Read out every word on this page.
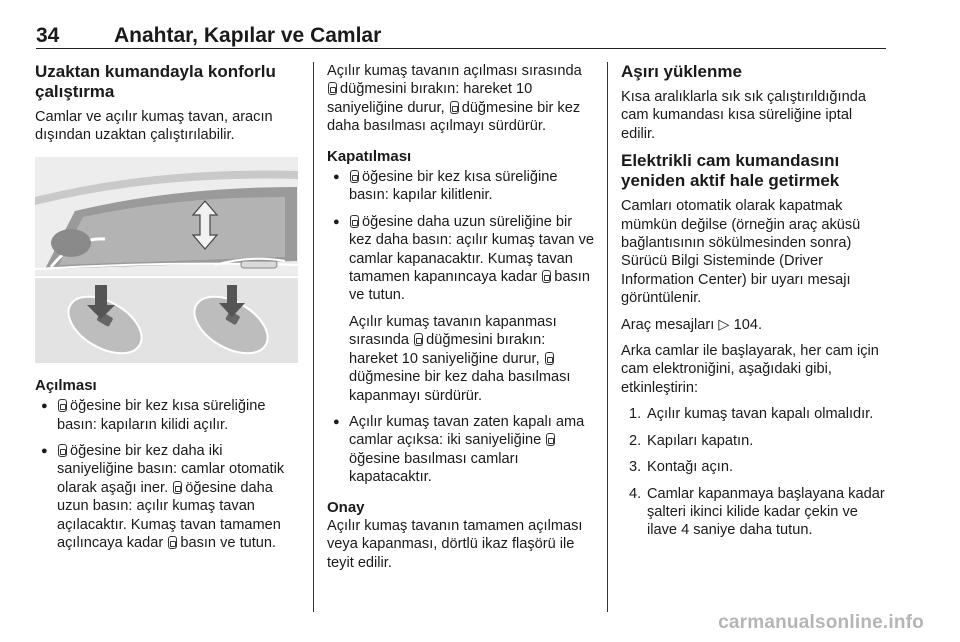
34	Anahtar, Kapılar ve Camlar
Uzaktan kumandayla konforlu çalıştırma

Camlar ve açılır kumaş tavan, aracın dışından uzaktan çalıştırılabilir.

Açılması
● öğesine bir kez kısa süreliğine basın: kapıların kilidi açılır.
● öğesine bir kez daha iki saniyeliğine basın: camlar otomatik olarak aşağı iner. öğesine daha uzun basın: açılır kumaş tavan açılacaktır. Kumaş tavan tamamen açılıncaya kadar basın ve tutun.

Açılır kumaş tavanın açılması sırasında düğmesini bırakın: hareket 10 saniyeliğine durur, düğmesine bir kez daha basılması açılmayı sürdürür.

Kapatılması
● öğesine bir kez kısa süreliğine basın: kapılar kilitlenir.
● öğesine daha uzun süreliğine bir kez daha basın: açılır kumaş tavan ve camlar kapanacaktır. Kumaş tavan tamamen kapanıncaya kadar basın ve tutun.
Açılır kumaş tavanın kapanması sırasında düğmesini bırakın: hareket 10 saniyeliğine durur, düğmesine bir kez daha basılması kapanmayı sürdürür.
● Açılır kumaş tavan zaten kapalı ama camlar açıksa: iki saniyeliğine öğesine basılması camları kapatacaktır.
Onay

Açılır kumaş tavanın tamamen açılması veya kapanması, dörtlü ikaz flaşörü ile teyit edilir.

Aşırı yüklenme

Kısa aralıklarla sık sık çalıştırıldığında cam kumandası kısa süreliğine iptal edilir.

Elektrikli cam kumandasını yeniden aktif hale getirmek

Camları otomatik olarak kapatmak mümkün değilse (örneğin araç aküsü bağlantısının sökülmesinden sonra) Sürücü Bilgi Sisteminde (Driver Information Center) bir uyarı mesajı görüntülenir.

Araç mesajları ▷ 104.

Arka camlar ile başlayarak, her cam için cam elektroniğini, aşağıdaki gibi, etkinleştirin:

1. Açılır kumaş tavan kapalı olmalıdır.
2. Kapıları kapatın.
3. Kontağı açın.
4. Camlar kapanmaya başlayana kadar şalteri ikinci kilide kadar çekin ve ilave 4 saniye daha tutun.
carmanualsonline.info
